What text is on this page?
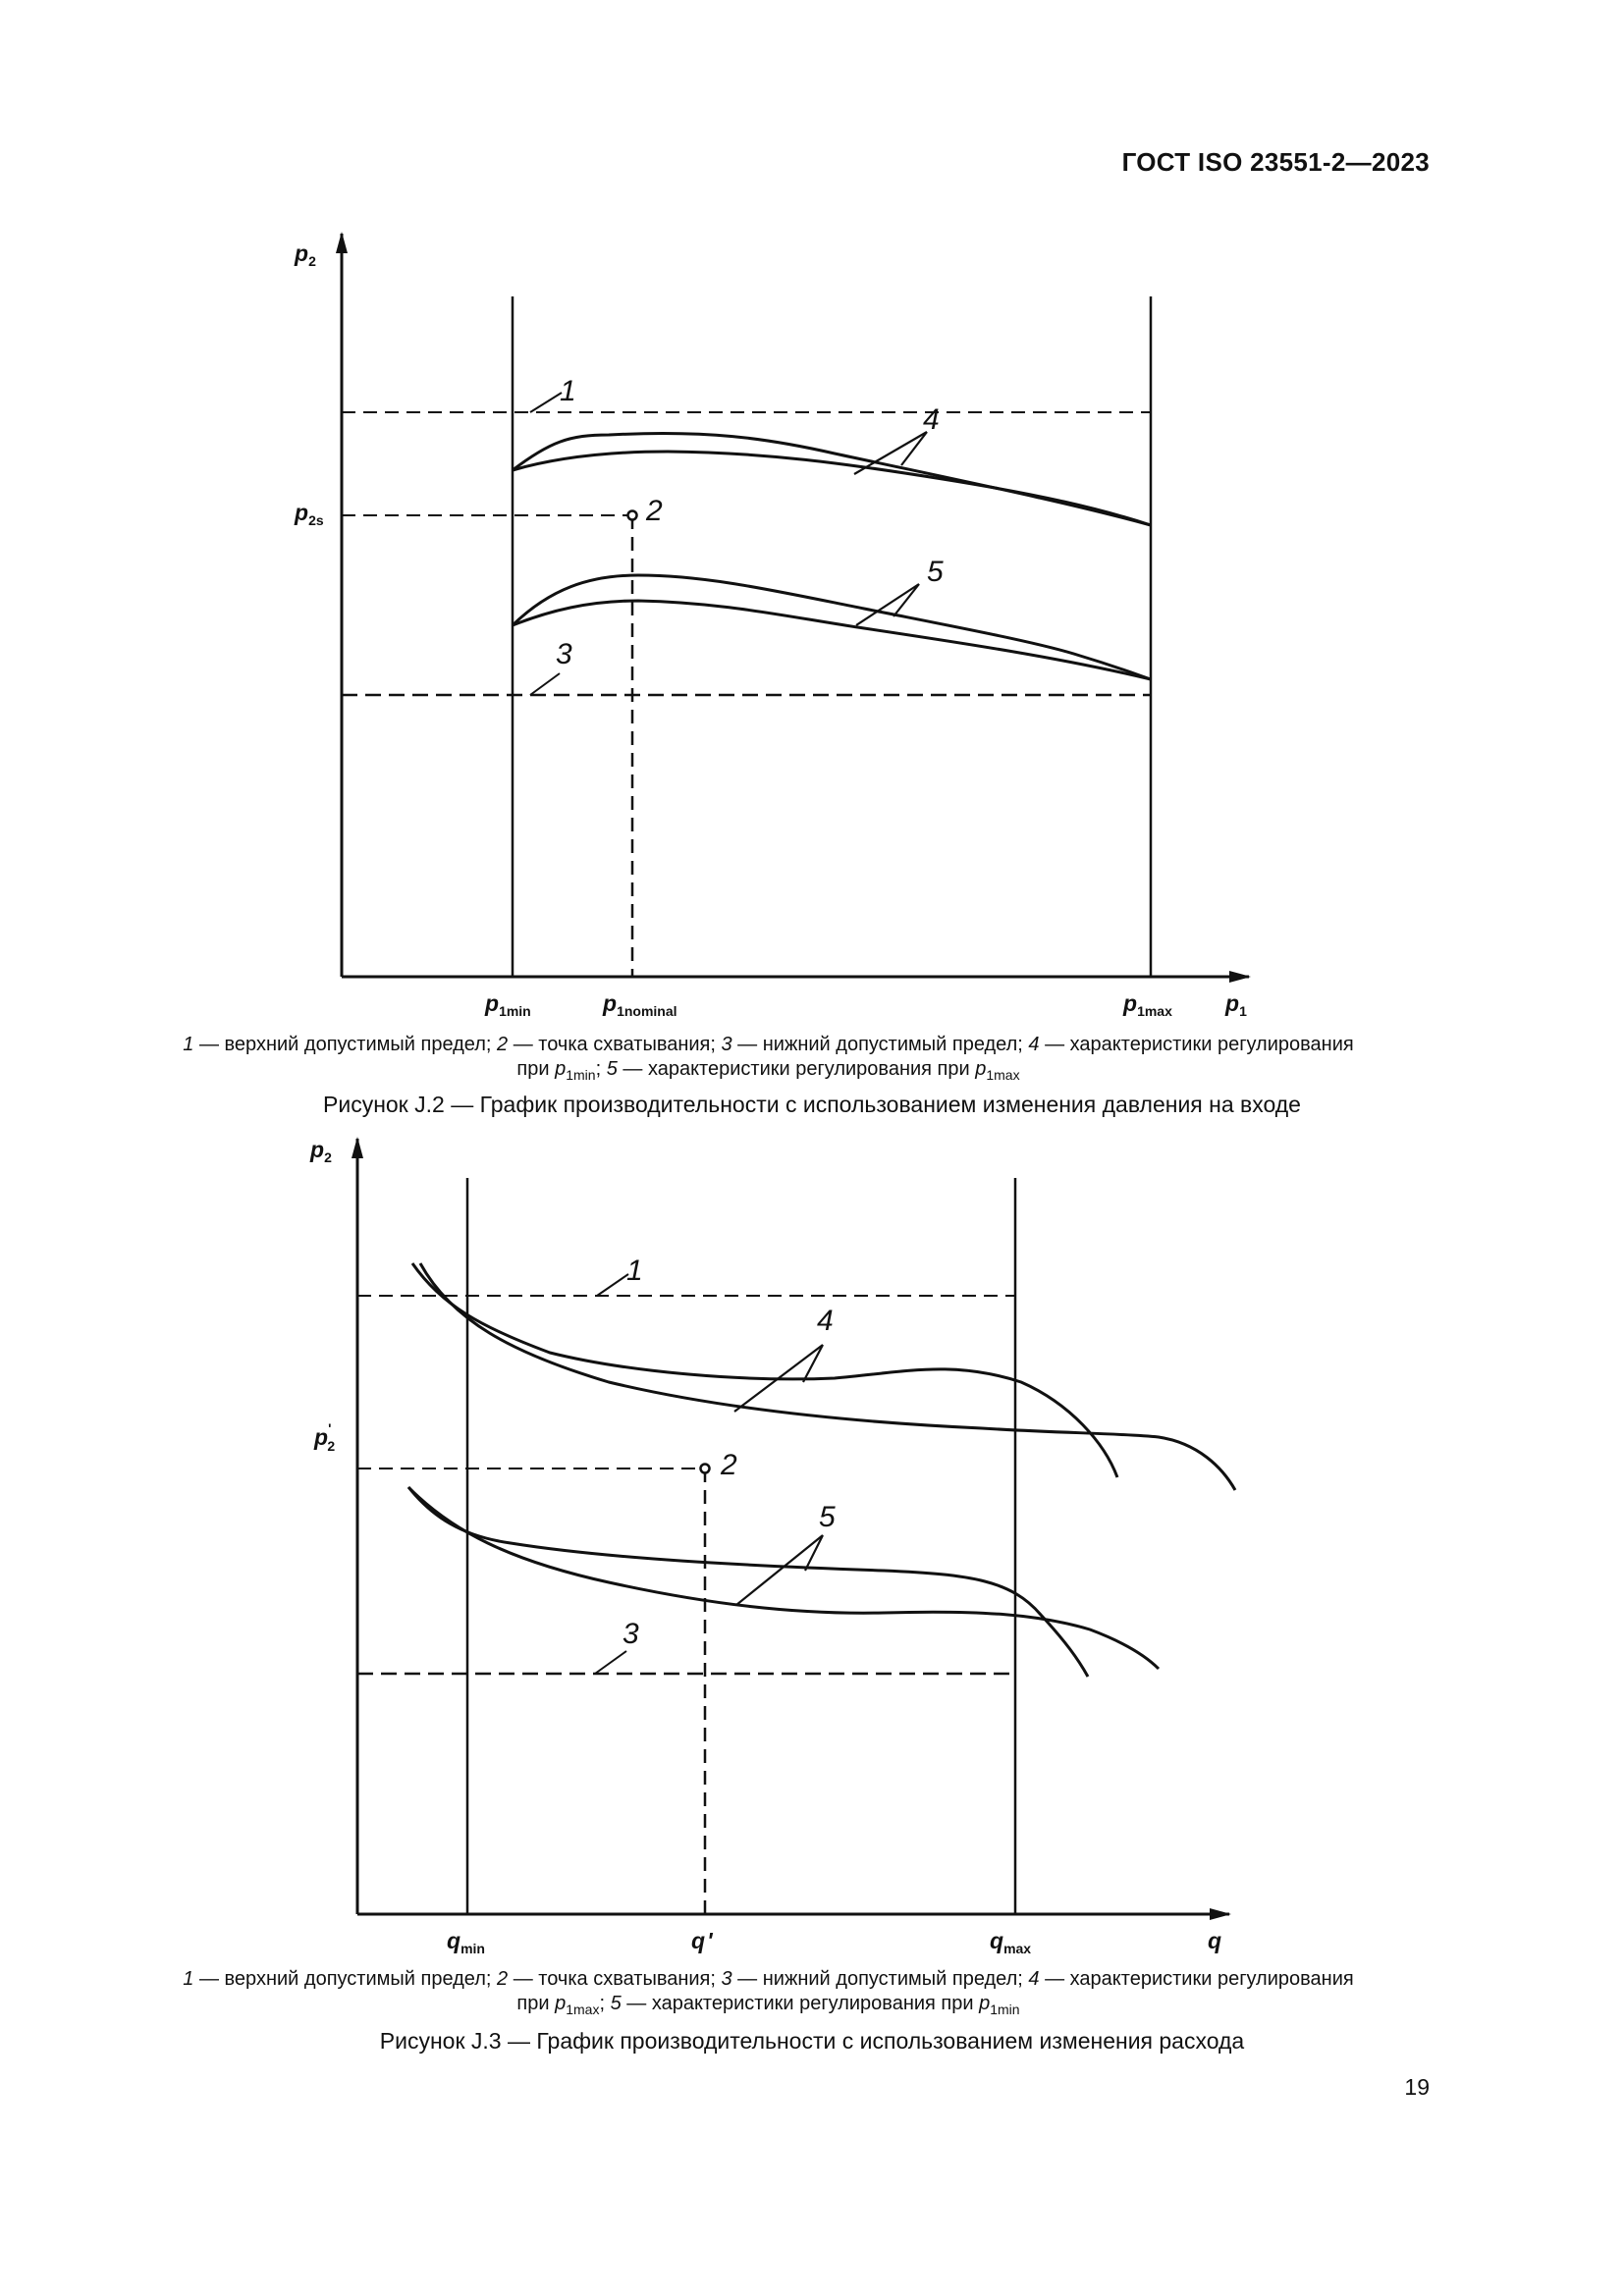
ГОСТ ISO 23551-2—2023
1
2
3
4
5
$p_2$
$p_{2s}$
$p_{1min}$	$p_{1nominal}$	$p_{1max}$ $p_1$
1 — верхний допустимый предел; 2 — точка схватывания; 3 — нижний допустимый предел; 4 — характеристики регулирования
при $p_{1min}$; 5 — характеристики регулирования при $p_{1max}$
Рисунок J.2 — График производительности с использованием изменения давления на входе
1
2
3
4
5
$p_2$
p' 2
$q_{min}$	q'	$q_{max}$	q
1 — верхний допустимый предел; 2 — точка схватывания; 3 — нижний допустимый предел; 4 — характеристики регулирования
при $p_{1max}$; 5 — характеристики регулирования при $p_{1min}$
Рисунок J.3 — График производительности с использованием изменения расхода
19
